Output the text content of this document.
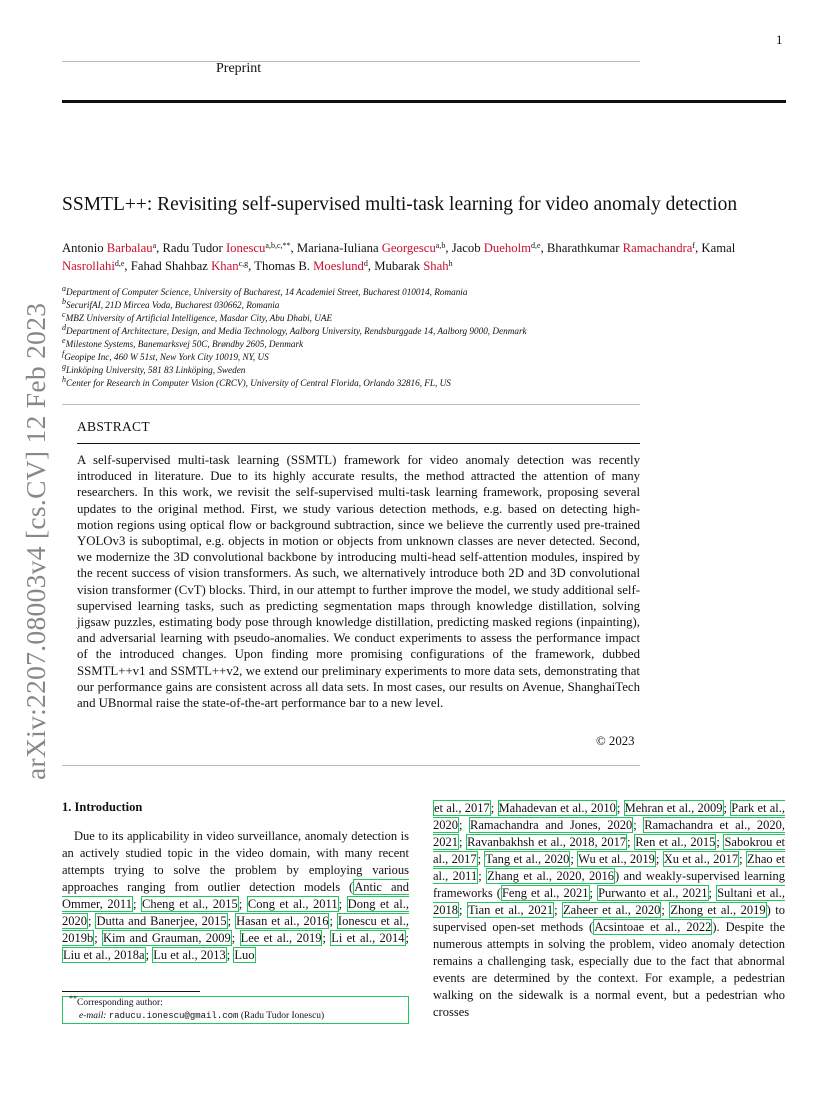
1
Preprint
arXiv:2207.08003v4 [cs.CV] 12 Feb 2023
SSMTL++: Revisiting self-supervised multi-task learning for video anomaly detection
Antonio Barbalau$^a$, Radu Tudor Ionescu$^{a,b,c,**}$, Mariana-Iuliana Georgescu$^{a,b}$, Jacob Dueholm$^{d,e}$, Bharathkumar Ramachandra$^f$, Kamal Nasrollahi$^{d,e}$, Fahad Shahbaz Khan$^{c,g}$, Thomas B. Moeslund$^d$, Mubarak Shah$^h$
$^a$Department of Computer Science, University of Bucharest, 14 Academiei Street, Bucharest 010014, Romania
$^b$SecurifAI, 21D Mircea Voda, Bucharest 030662, Romania
$^c$MBZ University of Artificial Intelligence, Masdar City, Abu Dhabi, UAE
$^d$Department of Architecture, Design, and Media Technology, Aalborg University, Rendsburggade 14, Aalborg 9000, Denmark
$^e$Milestone Systems, Banemarksvej 50C, Brøndby 2605, Denmark
$^f$Geopipe Inc, 460 W 51st, New York City 10019, NY, US
$^g$Linköping University, 581 83 Linköping, Sweden
$^h$Center for Research in Computer Vision (CRCV), University of Central Florida, Orlando 32816, FL, US
ABSTRACT
A self-supervised multi-task learning (SSMTL) framework for video anomaly detection was recently introduced in literature. Due to its highly accurate results, the method attracted the attention of many researchers. In this work, we revisit the self-supervised multi-task learning framework, proposing several updates to the original method. First, we study various detection methods, e.g. based on detecting high-motion regions using optical flow or background subtraction, since we believe the currently used pre-trained YOLOv3 is suboptimal, e.g. objects in motion or objects from unknown classes are never detected. Second, we modernize the 3D convolutional backbone by introducing multi-head self-attention modules, inspired by the recent success of vision transformers. As such, we alternatively introduce both 2D and 3D convolutional vision transformer (CvT) blocks. Third, in our attempt to further improve the model, we study additional self-supervised learning tasks, such as predicting segmentation maps through knowledge distillation, solving jigsaw puzzles, estimating body pose through knowledge distillation, predicting masked regions (inpainting), and adversarial learning with pseudo-anomalies. We conduct experiments to assess the performance impact of the introduced changes. Upon finding more promising configurations of the framework, dubbed SSMTL++v1 and SSMTL++v2, we extend our preliminary experiments to more data sets, demonstrating that our performance gains are consistent across all data sets. In most cases, our results on Avenue, ShanghaiTech and UBnormal raise the state-of-the-art performance bar to a new level.
© 2023
1. Introduction
Due to its applicability in video surveillance, anomaly detection is an actively studied topic in the video domain, with many recent attempts trying to solve the problem by employing various approaches ranging from outlier detection models (Antic and Ommer, 2011; Cheng et al., 2015; Cong et al., 2011; Dong et al., 2020; Dutta and Banerjee, 2015; Hasan et al., 2016; Ionescu et al., 2019b; Kim and Grauman, 2009; Lee et al., 2019; Li et al., 2014; Liu et al., 2018a; Lu et al., 2013; Luo
et al., 2017; Mahadevan et al., 2010; Mehran et al., 2009; Park et al., 2020; Ramachandra and Jones, 2020; Ramachandra et al., 2020, 2021; Ravanbakhsh et al., 2018, 2017; Ren et al., 2015; Sabokrou et al., 2017; Tang et al., 2020; Wu et al., 2019; Xu et al., 2017; Zhao et al., 2011; Zhang et al., 2020, 2016) and weakly-supervised learning frameworks (Feng et al., 2021; Purwanto et al., 2021; Sultani et al., 2018; Tian et al., 2021; Zaheer et al., 2020; Zhong et al., 2019) to supervised open-set methods (Acsintoae et al., 2022). Despite the numerous attempts in solving the problem, video anomaly detection remains a challenging task, especially due to the fact that abnormal events are determined by the context. For example, a pedestrian walking on the sidewalk is a normal event, but a pedestrian who crosses
**Corresponding author:
e-mail: raducu.ionescu@gmail.com (Radu Tudor Ionescu)
